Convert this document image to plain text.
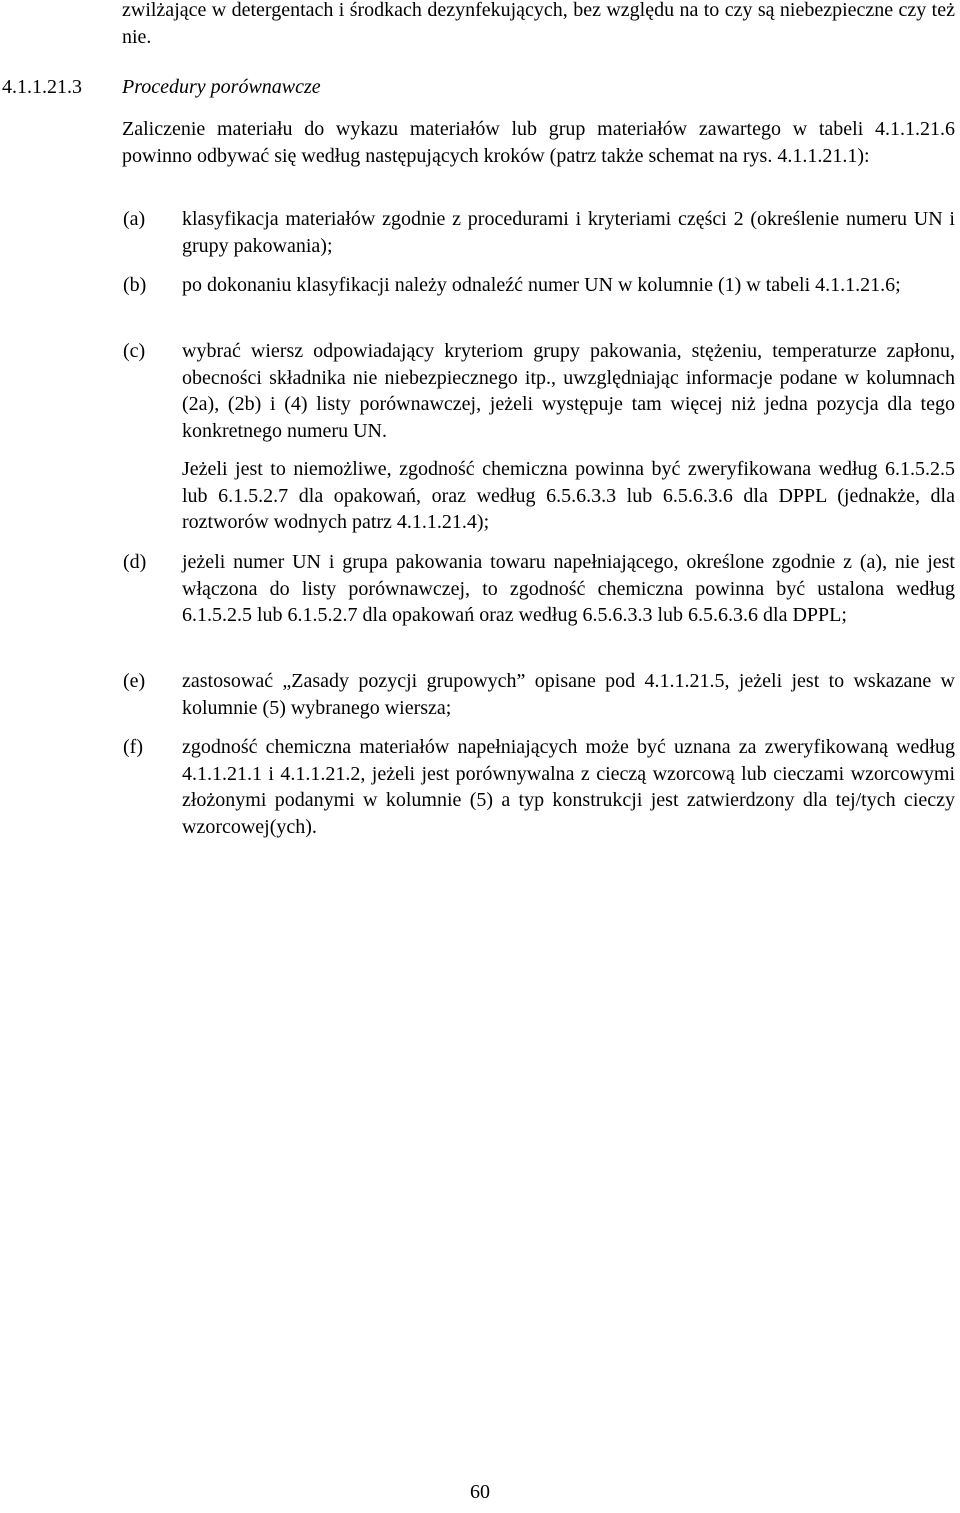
zwilżające w detergentach i środkach dezynfekujących, bez względu na to czy są niebezpieczne czy też nie.

4.1.1.21.3 Procedury porównawcze

Zaliczenie materiału do wykazu materiałów lub grup materiałów zawartego w tabeli 4.1.1.21.6 powinno odbywać się według następujących kroków (patrz także schemat na rys. 4.1.1.21.1):

(a) klasyfikacja materiałów zgodnie z procedurami i kryteriami części 2 (określenie numeru UN i grupy pakowania);

(b) po dokonaniu klasyfikacji należy odnaleźć numer UN w kolumnie (1) w tabeli 4.1.1.21.6;

(c) wybrać wiersz odpowiadający kryteriom grupy pakowania, stężeniu, temperaturze zapłonu, obecności składnika nie niebezpiecznego itp., uwzględniając informacje podane w kolumnach (2a), (2b) i (4) listy porównawczej, jeżeli występuje tam więcej niż jedna pozycja dla tego konkretnego numeru UN.

Jeżeli jest to niemożliwe, zgodność chemiczna powinna być zweryfikowana według 6.1.5.2.5 lub 6.1.5.2.7 dla opakowań, oraz według 6.5.6.3.3 lub 6.5.6.3.6 dla DPPL (jednakże, dla roztworów wodnych patrz 4.1.1.21.4);

(d) jeżeli numer UN i grupa pakowania towaru napełniającego, określone zgodnie z (a), nie jest włączona do listy porównawczej, to zgodność chemiczna powinna być ustalona według 6.1.5.2.5 lub 6.1.5.2.7 dla opakowań oraz według 6.5.6.3.3 lub 6.5.6.3.6 dla DPPL;

(e) zastosować „Zasady pozycji grupowych” opisane pod 4.1.1.21.5, jeżeli jest to wskazane w kolumnie (5) wybranego wiersza;

(f) zgodność chemiczna materiałów napełniających może być uznana za zweryfikowaną według 4.1.1.21.1 i 4.1.1.21.2, jeżeli jest porównywalna z cieczą wzorcową lub cieczami wzorcowymi złożonymi podanymi w kolumnie (5) a typ konstrukcji jest zatwierdzony dla tej/tych cieczy wzorcowej(ych).

60
